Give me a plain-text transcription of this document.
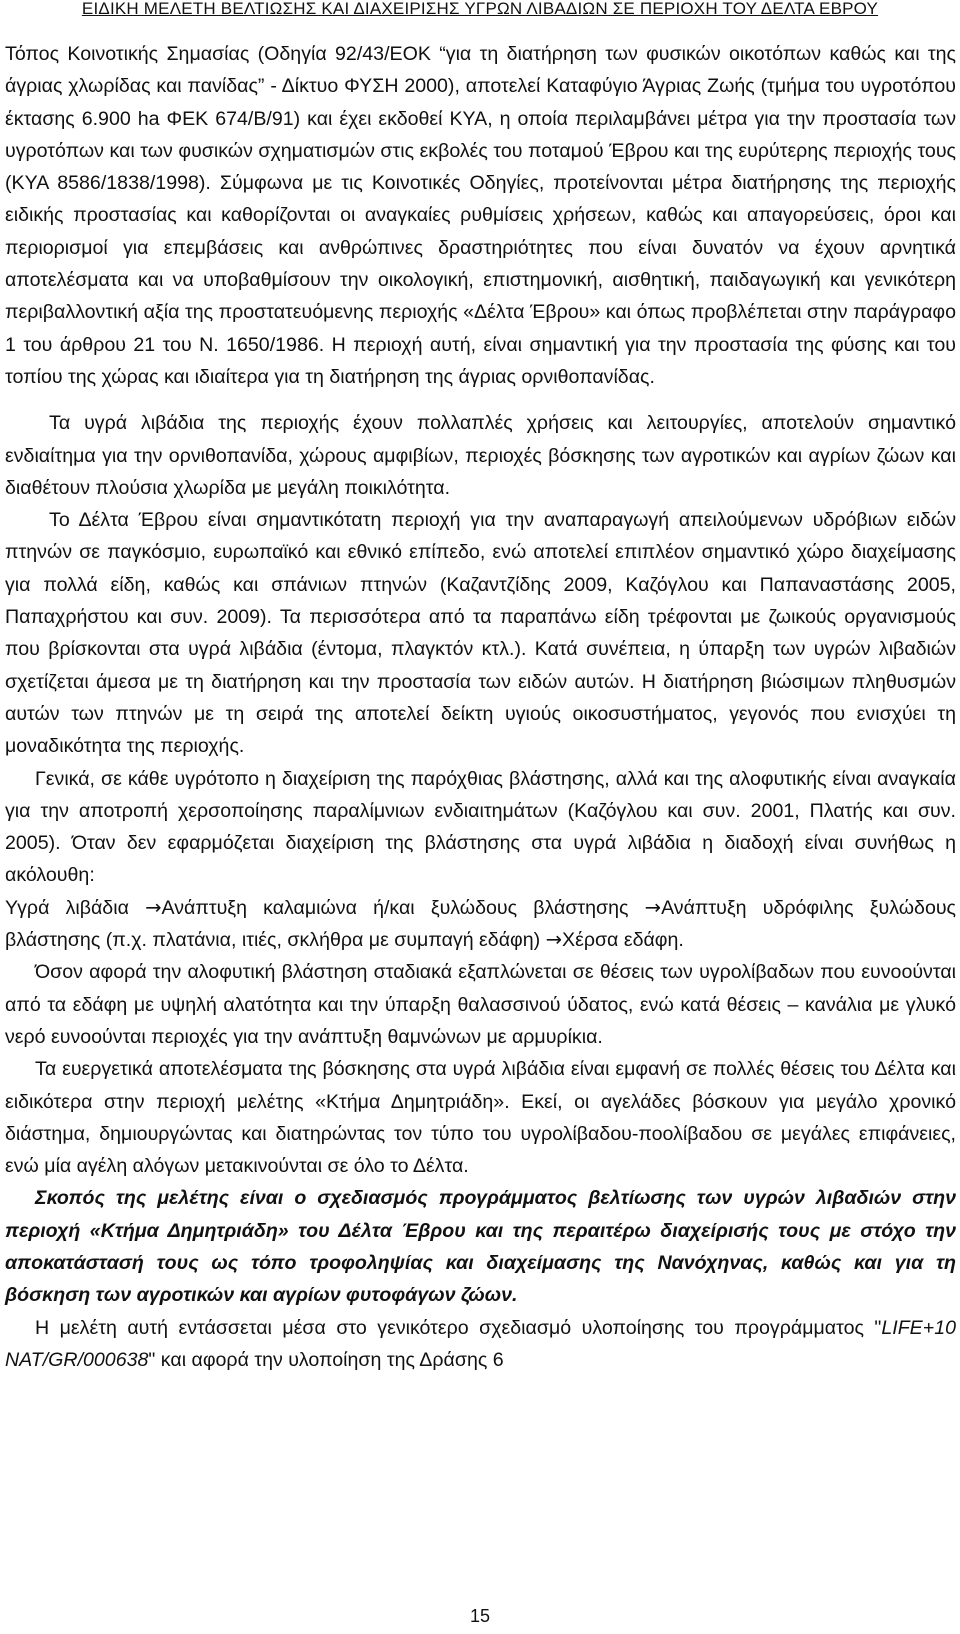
ΕΙΔΙΚΗ ΜΕΛΕΤΗ ΒΕΛΤΙΩΣΗΣ ΚΑΙ ΔΙΑΧΕΙΡΙΣΗΣ ΥΓΡΩΝ ΛΙΒΑΔΙΩΝ ΣΕ ΠΕΡΙΟΧΗ ΤΟΥ ΔΕΛΤΑ ΕΒΡΟΥ

Τόπος Κοινοτικής Σημασίας (Οδηγία 92/43/ΕΟΚ “για τη διατήρηση των φυσικών οικοτόπων καθώς και της άγριας χλωρίδας και πανίδας” - Δίκτυο ΦΥΣΗ 2000), αποτελεί Καταφύγιο Άγριας Ζωής (τμήμα του υγροτόπου έκτασης 6.900 ha ΦΕΚ 674/Β/91) και έχει εκδοθεί ΚΥΑ, η οποία περιλαμβάνει μέτρα για την προστασία των υγροτόπων και των φυσικών σχηματισμών στις εκβολές του ποταμού Έβρου και της ευρύτερης περιοχής τους (ΚΥΑ 8586/1838/1998). Σύμφωνα με τις Κοινοτικές Οδηγίες, προτείνονται μέτρα διατήρησης της περιοχής ειδικής προστασίας και καθορίζονται οι αναγκαίες ρυθμίσεις χρήσεων, καθώς και απαγορεύσεις, όροι και περιορισμοί για επεμβάσεις και ανθρώπινες δραστηριότητες που είναι δυνατόν να έχουν αρνητικά αποτελέσματα και να υποβαθμίσουν την οικολογική, επιστημονική, αισθητική, παιδαγωγική και γενικότερη περιβαλλοντική αξία της προστατευόμενης περιοχής «Δέλτα Έβρου» και όπως προβλέπεται στην παράγραφο 1 του άρθρου 21 του Ν. 1650/1986. Η περιοχή αυτή, είναι σημαντική για την προστασία της φύσης και του τοπίου της χώρας και ιδιαίτερα για τη διατήρηση της άγριας ορνιθοπανίδας.

Τα υγρά λιβάδια της περιοχής έχουν πολλαπλές χρήσεις και λειτουργίες, αποτελούν σημαντικό ενδιαίτημα για την ορνιθοπανίδα, χώρους αμφιβίων, περιοχές βόσκησης των αγροτικών και αγρίων ζώων και διαθέτουν πλούσια χλωρίδα με μεγάλη ποικιλότητα.

Το Δέλτα Έβρου είναι σημαντικότατη περιοχή για την αναπαραγωγή απειλούμενων υδρόβιων ειδών πτηνών σε παγκόσμιο, ευρωπαϊκό και εθνικό επίπεδο, ενώ αποτελεί επιπλέον σημαντικό χώρο διαχείμασης για πολλά είδη, καθώς και σπάνιων πτηνών (Καζαντζίδης 2009, Καζόγλου και Παπαναστάσης 2005, Παπαχρήστου και συν. 2009). Τα περισσότερα από τα παραπάνω είδη τρέφονται με ζωικούς οργανισμούς που βρίσκονται στα υγρά λιβάδια (έντομα, πλαγκτόν κτλ.). Κατά συνέπεια, η ύπαρξη των υγρών λιβαδιών σχετίζεται άμεσα με τη διατήρηση και την προστασία των ειδών αυτών. Η διατήρηση βιώσιμων πληθυσμών αυτών των πτηνών με τη σειρά της αποτελεί δείκτη υγιούς οικοσυστήματος, γεγονός που ενισχύει τη μοναδικότητα της περιοχής.

Γενικά, σε κάθε υγρότοπο η διαχείριση της παρόχθιας βλάστησης, αλλά και της αλοφυτικής είναι αναγκαία για την αποτροπή χερσοποίησης παραλίμνιων ενδιαιτημάτων (Καζόγλου και συν. 2001, Πλατής και συν. 2005). Όταν δεν εφαρμόζεται διαχείριση της βλάστησης στα υγρά λιβάδια η διαδοχή είναι συνήθως η ακόλουθη:

Υγρά λιβάδια →Ανάπτυξη καλαμιώνα ή/και ξυλώδους βλάστησης →Ανάπτυξη υδρόφιλης ξυλώδους βλάστησης (π.χ. πλατάνια, ιτιές, σκλήθρα με συμπαγή εδάφη) →Χέρσα εδάφη.

Όσον αφορά την αλοφυτική βλάστηση σταδιακά εξαπλώνεται σε θέσεις των υγρολίβαδων που ευνοούνται από τα εδάφη με υψηλή αλατότητα και την ύπαρξη θαλασσινού ύδατος, ενώ κατά θέσεις – κανάλια με γλυκό νερό ευνοούνται περιοχές για την ανάπτυξη θαμνώνων με αρμυρίκια.

Τα ευεργετικά αποτελέσματα της βόσκησης στα υγρά λιβάδια είναι εμφανή σε πολλές θέσεις του Δέλτα και ειδικότερα στην περιοχή μελέτης «Κτήμα Δημητριάδη». Εκεί, οι αγελάδες βόσκουν για μεγάλο χρονικό διάστημα, δημιουργώντας και διατηρώντας τον τύπο του υγρολίβαδου-ποολίβαδου σε μεγάλες επιφάνειες, ενώ μία αγέλη αλόγων μετακινούνται σε όλο το Δέλτα.

Σκοπός της μελέτης είναι ο σχεδιασμός προγράμματος βελτίωσης των υγρών λιβαδιών στην περιοχή «Κτήμα Δημητριάδη» του Δέλτα Έβρου και της περαιτέρω διαχείρισής τους με στόχο την αποκατάστασή τους ως τόπο τροφοληψίας και διαχείμασης της Νανόχηνας, καθώς και για τη βόσκηση των αγροτικών και αγρίων φυτοφάγων ζώων.

Η μελέτη αυτή εντάσσεται μέσα στο γενικότερο σχεδιασμό υλοποίησης του προγράμματος "LIFE+10 NAT/GR/000638" και αφορά την υλοποίηση της Δράσης 6

15
